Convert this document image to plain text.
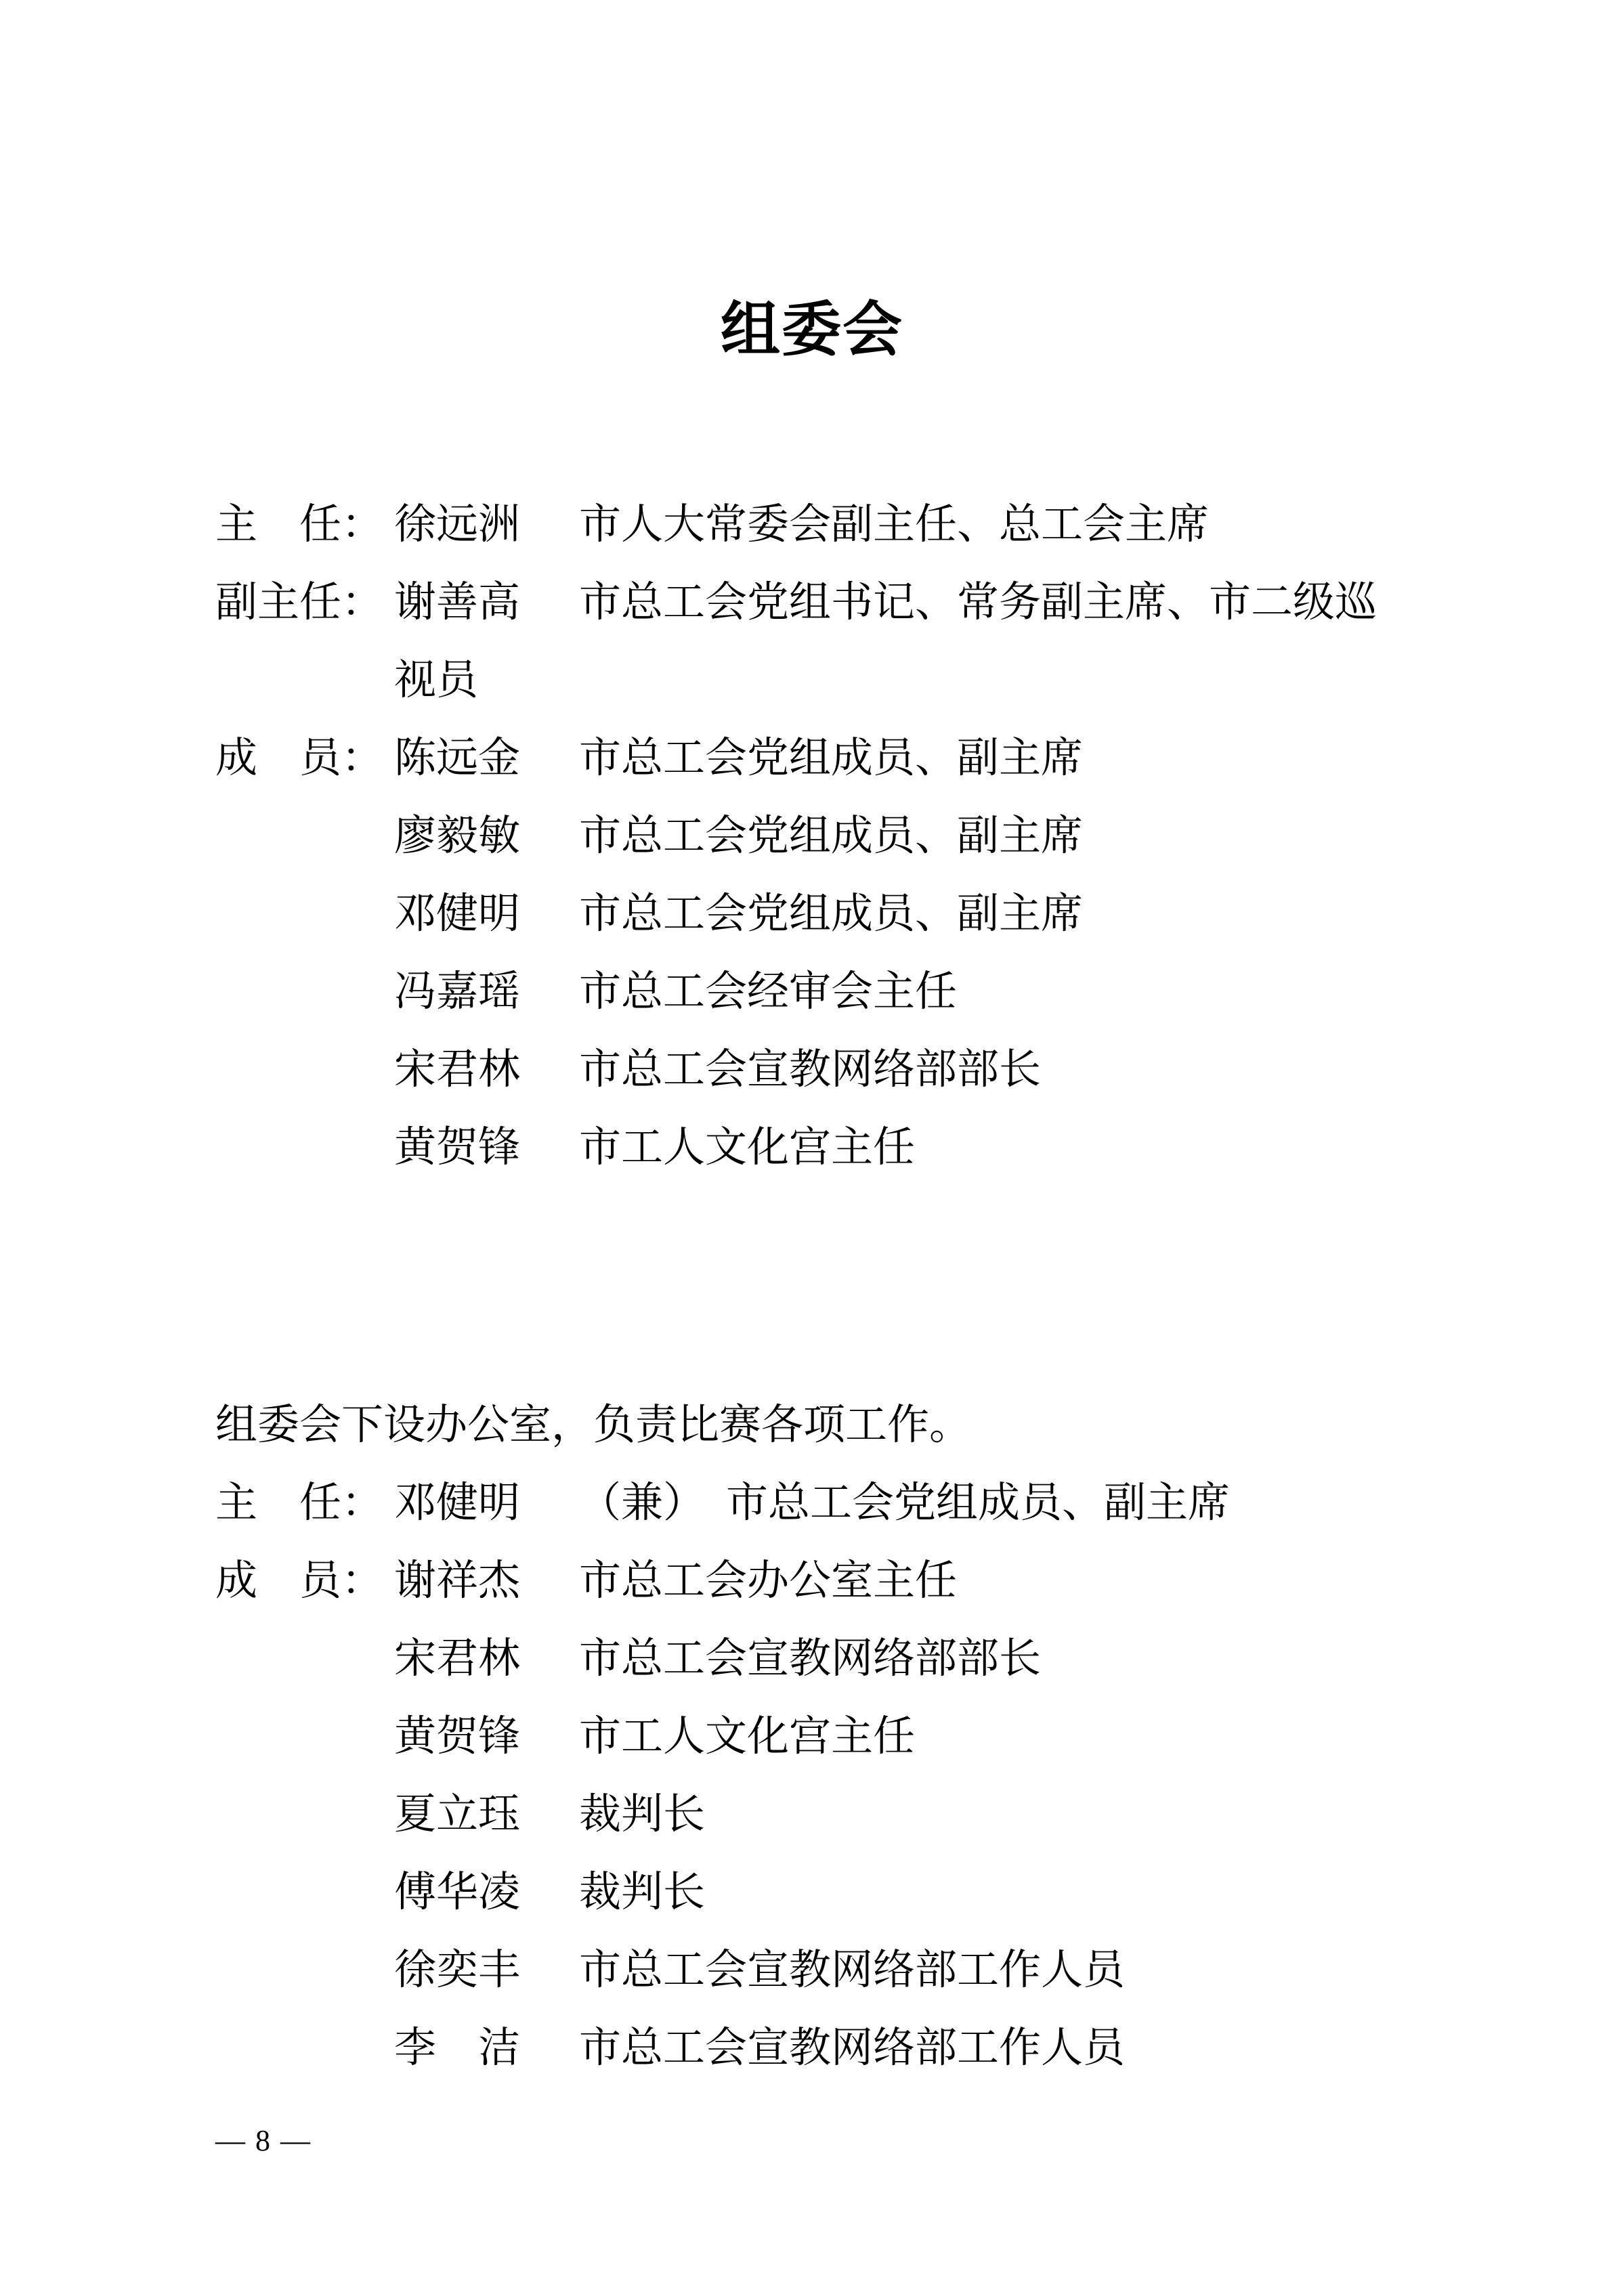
组委会
主　任： 徐远洲	市人大常委会副主任、总工会主席
副主任： 谢善高	市总工会党组书记、常务副主席、市二级巡
视员
成　员： 陈远金	市总工会党组成员、副主席
廖毅敏	市总工会党组成员、副主席
邓健明	市总工会党组成员、副主席
冯嘉瑶	市总工会经审会主任
宋君林	市总工会宣教网络部部长
黄贺锋	市工人文化宫主任
组委会下设办公室，负责比赛各项工作。
主　任： 邓健明	（兼）　市总工会党组成员、副主席
成　员： 谢祥杰	市总工会办公室主任
宋君林	市总工会宣教网络部部长
黄贺锋	市工人文化宫主任
夏立珏	裁判长
傅华凌	裁判长
徐奕丰	市总工会宣教网络部工作人员
李　洁	市总工会宣教网络部工作人员
— 8 —
